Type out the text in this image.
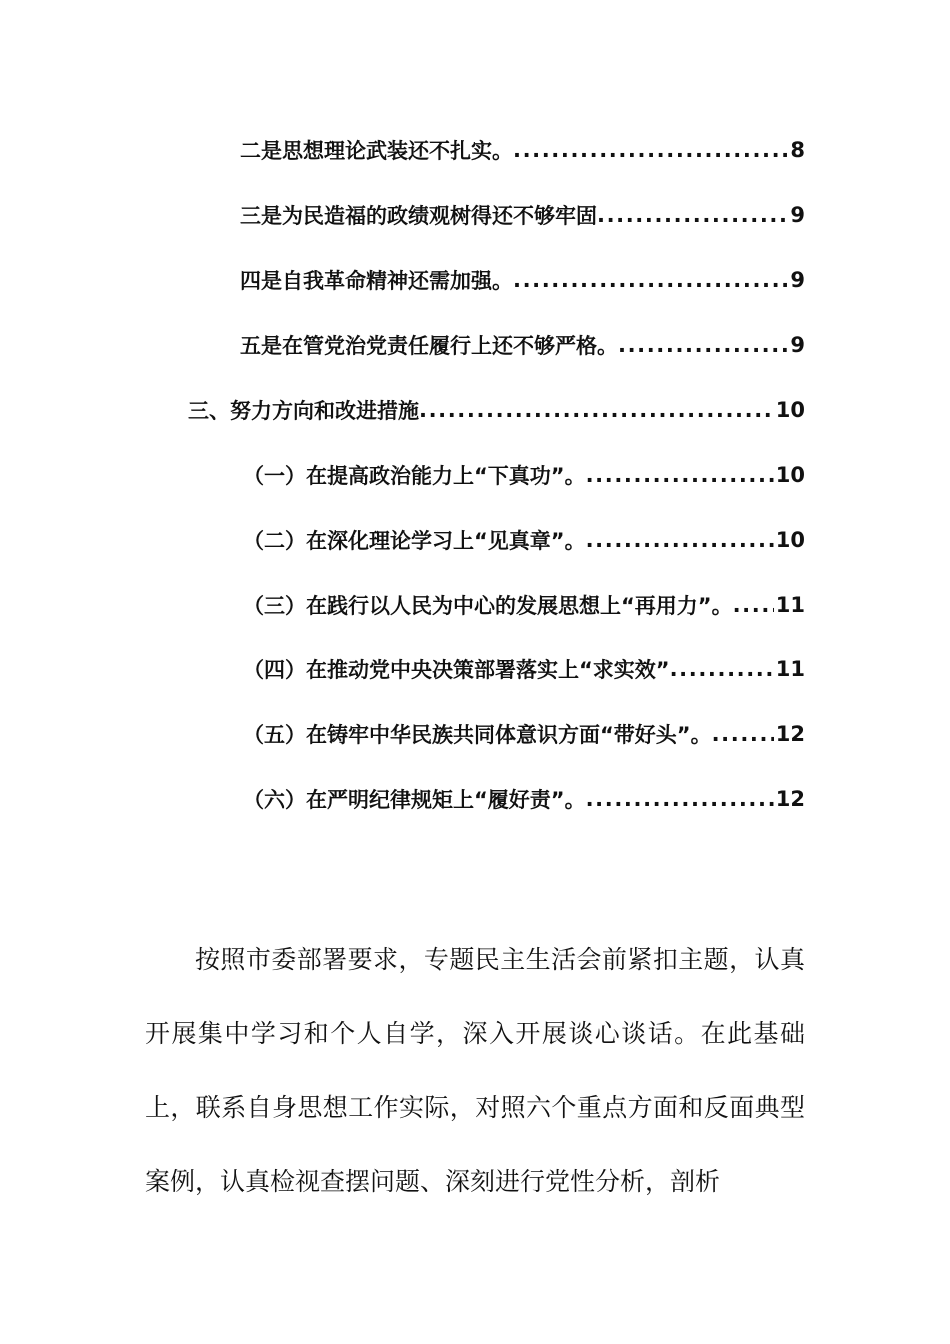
二是思想理论武装还不扎实。 .....	8
三是为民造福的政绩观树得还不够牢固 .....	9
四是自我革命精神还需加强。 .....	9
五是在管党治党责任履行上还不够严格。 .....	9
三、努力方向和改进措施 .....	10
（一）在提高政治能力上“下真功”。 .....	10
（二）在深化理论学习上“见真章”。 .....	10
（三）在践行以人民为中心的发展思想上“再用力”。 ..... 11
（四）在推动党中央决策部署落实上“求实效” .....	11
（五）在铸牢中华民族共同体意识方面“带好头”。 .....	12
（六）在严明纪律规矩上“履好责”。 .....	12

按照市委部署要求，专题民主生活会前紧扣主题，认真开展集中学习和个人自学，深入开展谈心谈话。在此基础上，联系自身思想工作实际，对照六个重点方面和反面典型案例，认真检视查摆问题、深刻进行党性分析，剖析
